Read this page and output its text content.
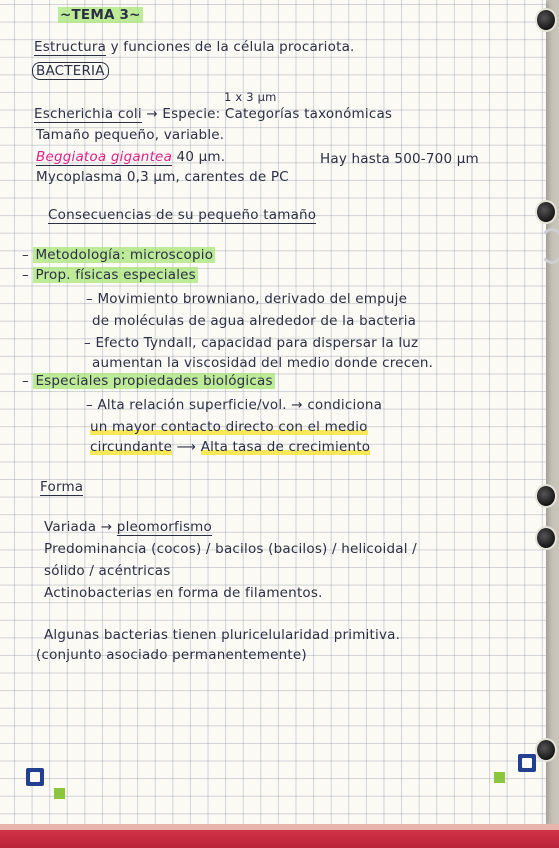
~TEMA 3~
Estructura y funciones de la célula procariota.
BACTERIA
1 x 3 µm
Escherichia coli → Especie: Categorías taxonómicas
Tamaño pequeño, variable.
Beggiatoa gigantea 40 µm.	Hay hasta 500-700 µm
Mycoplasma 0,3 µm, carentes de PC
Consecuencias de su pequeño tamaño
– Metodología: microscopio
– Prop. físicas especiales
– Movimiento browniano, derivado del empuje
de moléculas de agua alrededor de la bacteria
– Efecto Tyndall, capacidad para dispersar la luz
aumentan la viscosidad del medio donde crecen.
– Especiales propiedades biológicas
– Alta relación superficie/vol. → condiciona
un mayor contacto directo con el medio
circundante ⟶ Alta tasa de crecimiento
Forma
Variada → pleomorfismo
Predominancia (cocos) / bacilos (bacilos) / helicoidal /
sólido / acéntricas
Actinobacterias en forma de filamentos.
Algunas bacterias tienen pluricelularidad primitiva.
(conjunto asociado permanentemente)
